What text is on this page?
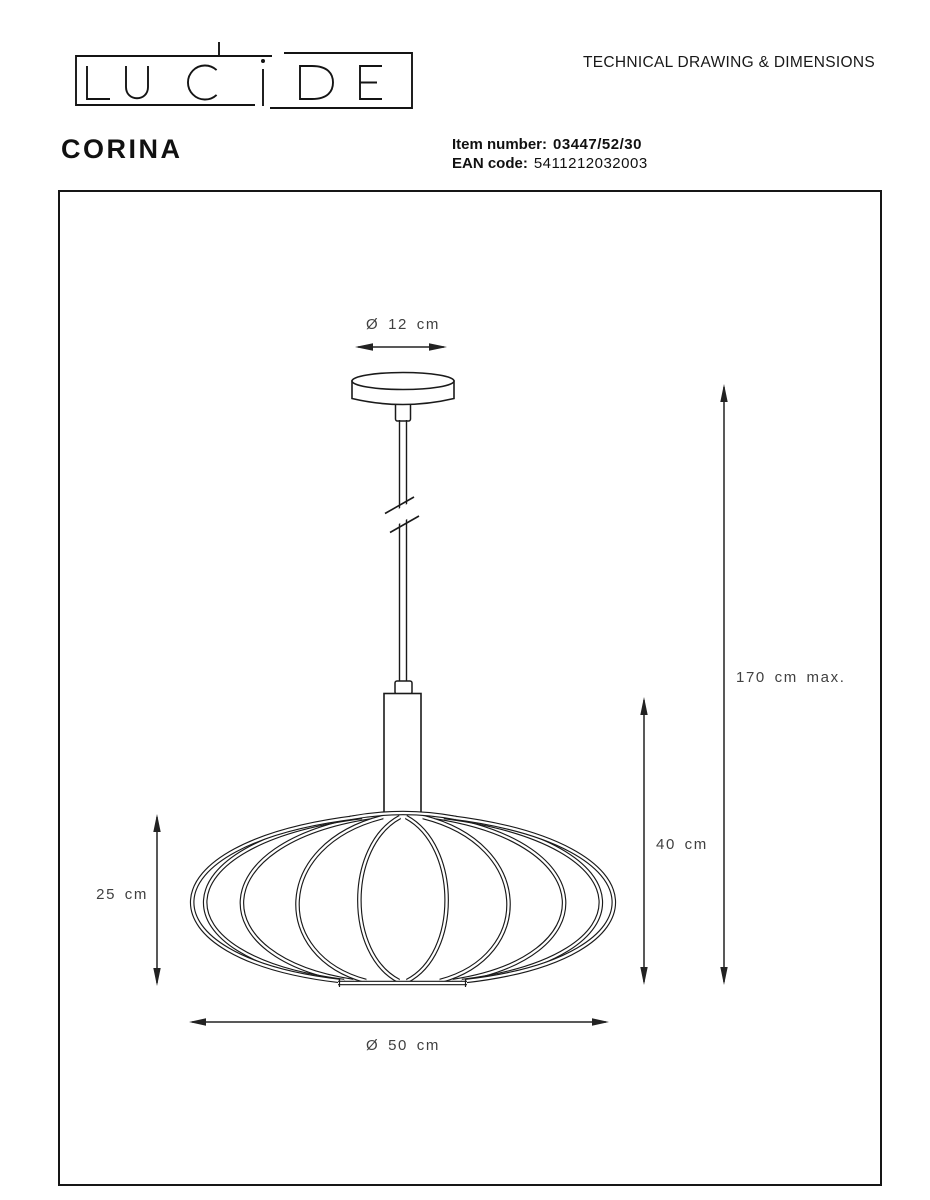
TECHNICAL DRAWING & DIMENSIONS
CORINA	Item number: 03447/52/30
EAN code: 5411212032003
Ø 12 cm
25 cm
40 cm
170 cm max.
Ø 50 cm
